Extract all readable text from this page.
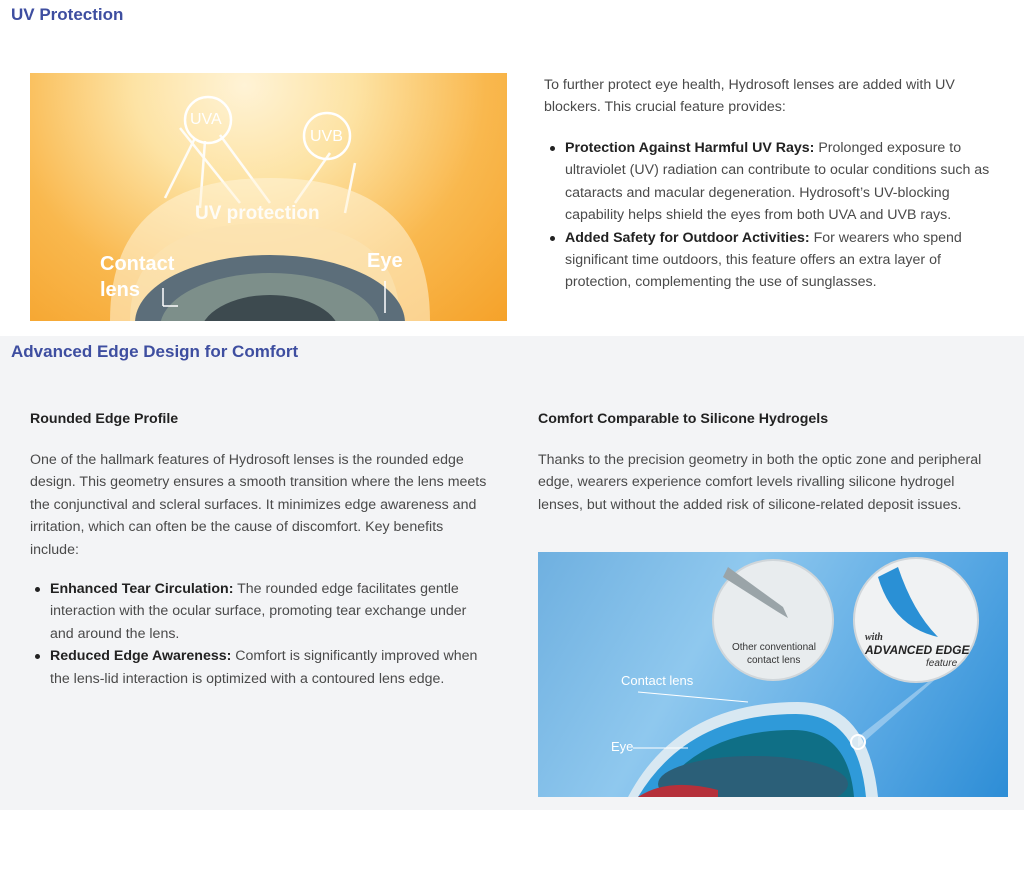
UV Protection

UVA

UVB

UV protection

Contact

lens

Eye

To further protect eye health, Hydrosoft lenses are added with UV blockers. This crucial feature provides:

Protection Against Harmful UV Rays: Prolonged exposure to ultraviolet (UV) radiation can contribute to ocular conditions such as cataracts and macular degeneration. Hydrosoft’s UV-blocking capability helps shield the eyes from both UVA and UVB rays.
Added Safety for Outdoor Activities: For wearers who spend significant time outdoors, this feature offers an extra layer of protection, complementing the use of sunglasses.
Advanced Edge Design for Comfort

Rounded Edge Profile

One of the hallmark features of Hydrosoft lenses is the rounded edge design. This geometry ensures a smooth transition where the lens meets the conjunctival and scleral surfaces. It minimizes edge awareness and irritation, which can often be the cause of discomfort. Key benefits include:

Enhanced Tear Circulation: The rounded edge facilitates gentle interaction with the ocular surface, promoting tear exchange under and around the lens.
Reduced Edge Awareness: Comfort is significantly improved when the lens-lid interaction is optimized with a contoured lens edge.

Comfort Comparable to Silicone Hydrogels

Thanks to the precision geometry in both the optic zone and peripheral edge, wearers experience comfort levels rivalling silicone hydrogel lenses, but without the added risk of silicone-related deposit issues.

Other conventional

contact lens

with

ADVANCED EDGE

feature

Contact lens

Eye
